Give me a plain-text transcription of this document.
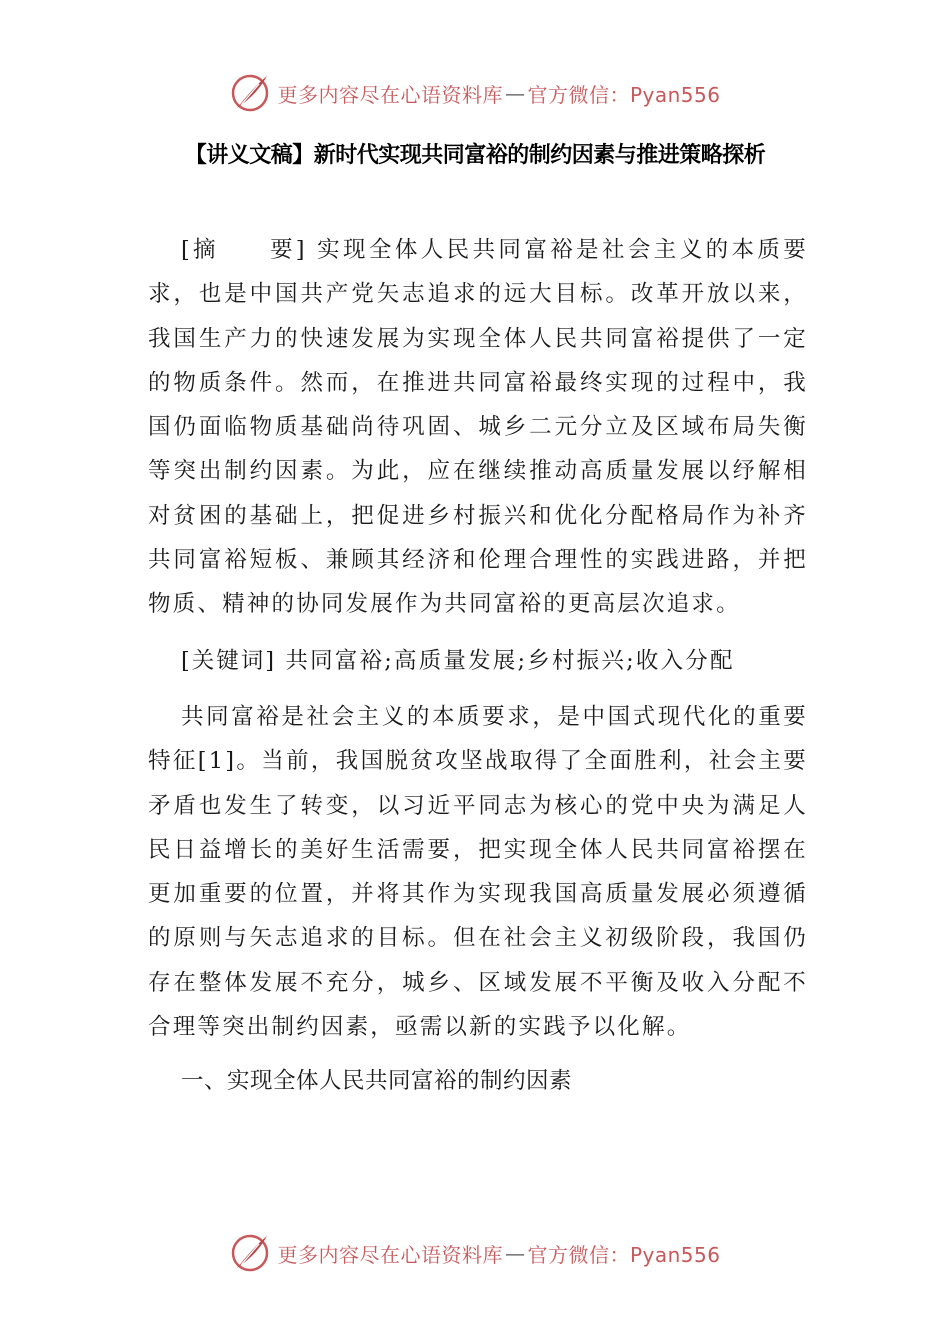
更多内容尽在心语资料库 — 官方微信：Pyan556
【讲义文稿】新时代实现共同富裕的制约因素与推进策略探析

[摘　　要] 实现全体人民共同富裕是社会主义的本质要求，也是中国共产党矢志追求的远大目标。改革开放以来，我国生产力的快速发展为实现全体人民共同富裕提供了一定的物质条件。然而，在推进共同富裕最终实现的过程中，我国仍面临物质基础尚待巩固、城乡二元分立及区域布局失衡等突出制约因素。为此，应在继续推动高质量发展以纾解相对贫困的基础上，把促进乡村振兴和优化分配格局作为补齐共同富裕短板、兼顾其经济和伦理合理性的实践进路，并把物质、精神的协同发展作为共同富裕的更高层次追求。

[关键词] 共同富裕;高质量发展;乡村振兴;收入分配

共同富裕是社会主义的本质要求，是中国式现代化的重要特征[1]。当前，我国脱贫攻坚战取得了全面胜利，社会主要矛盾也发生了转变，以习近平同志为核心的党中央为满足人民日益增长的美好生活需要，把实现全体人民共同富裕摆在更加重要的位置，并将其作为实现我国高质量发展必须遵循的原则与矢志追求的目标。但在社会主义初级阶段，我国仍存在整体发展不充分，城乡、区域发展不平衡及收入分配不合理等突出制约因素，亟需以新的实践予以化解。

一、实现全体人民共同富裕的制约因素
更多内容尽在心语资料库 — 官方微信：Pyan556
